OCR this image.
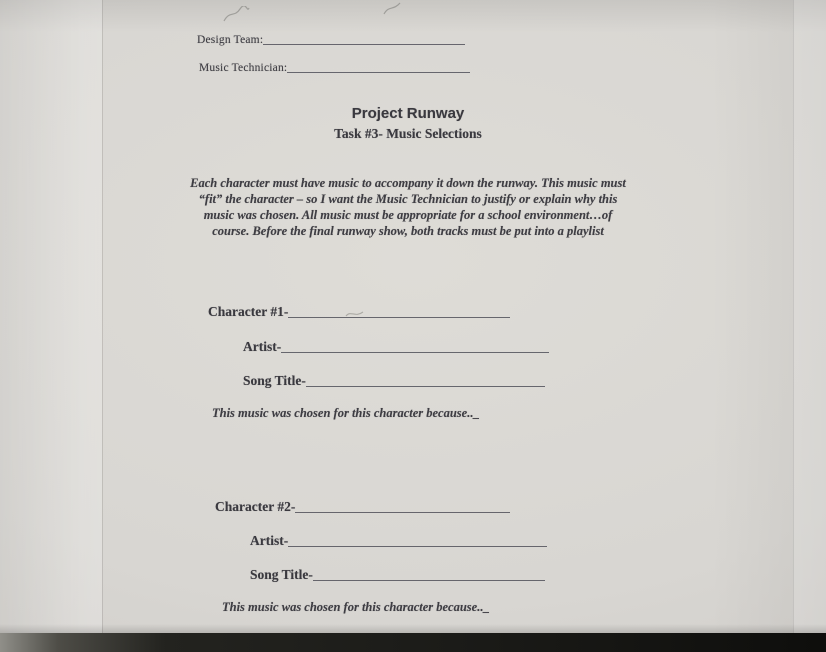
Design Team:
Music Technician:
Project Runway
Task #3- Music Selections
Each character must have music to accompany it down the runway. This music must “fit” the character – so I want the Music Technician to justify or explain why this music was chosen. All music must be appropriate for a school environment…of course. Before the final runway show, both tracks must be put into a playlist
Character #1-
Artist-
Song Title-
This music was chosen for this character because.._
Character #2-
Artist-
Song Title-
This music was chosen for this character because.._
